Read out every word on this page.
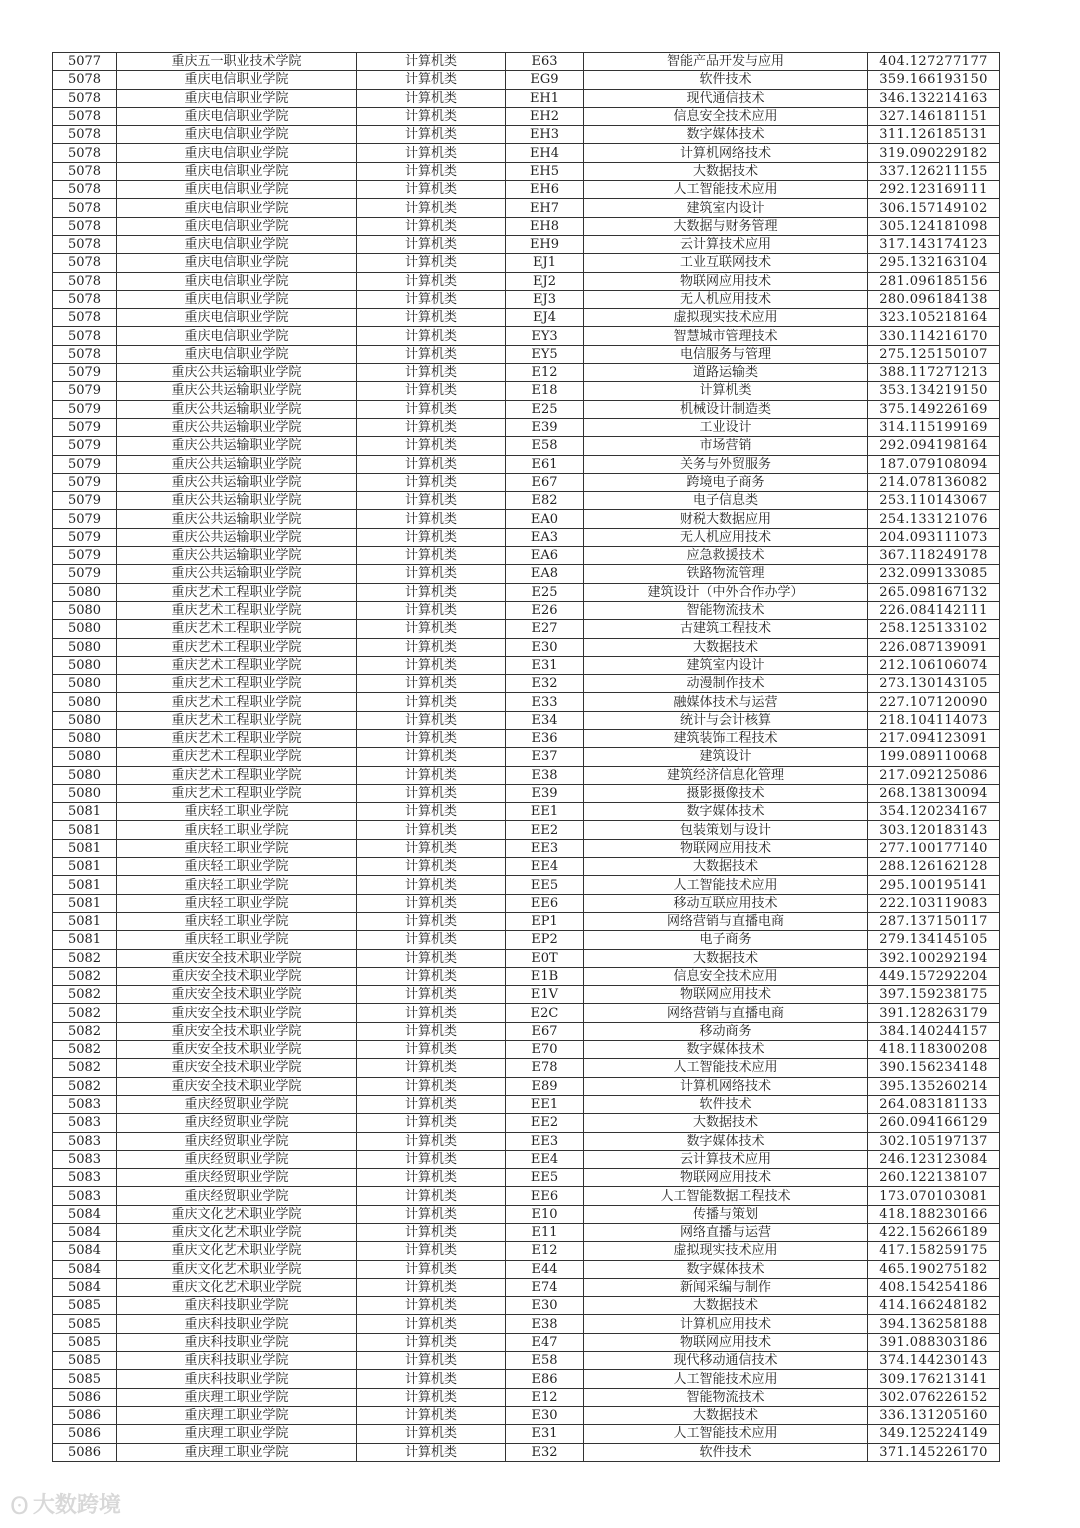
5077	重庆五一职业技术学院	计算机类	E63	智能产品开发与应用	404.127277177
5078	重庆电信职业学院	计算机类	EG9	软件技术	359.166193150
5078	重庆电信职业学院	计算机类	EH1	现代通信技术	346.132214163
5078	重庆电信职业学院	计算机类	EH2	信息安全技术应用	327.146181151
5078	重庆电信职业学院	计算机类	EH3	数字媒体技术	311.126185131
5078	重庆电信职业学院	计算机类	EH4	计算机网络技术	319.090229182
5078	重庆电信职业学院	计算机类	EH5	大数据技术	337.126211155
5078	重庆电信职业学院	计算机类	EH6	人工智能技术应用	292.123169111
5078	重庆电信职业学院	计算机类	EH7	建筑室内设计	306.157149102
5078	重庆电信职业学院	计算机类	EH8	大数据与财务管理	305.124181098
5078	重庆电信职业学院	计算机类	EH9	云计算技术应用	317.143174123
5078	重庆电信职业学院	计算机类	EJ1	工业互联网技术	295.132163104
5078	重庆电信职业学院	计算机类	EJ2	物联网应用技术	281.096185156
5078	重庆电信职业学院	计算机类	EJ3	无人机应用技术	280.096184138
5078	重庆电信职业学院	计算机类	EJ4	虚拟现实技术应用	323.105218164
5078	重庆电信职业学院	计算机类	EY3	智慧城市管理技术	330.114216170
5078	重庆电信职业学院	计算机类	EY5	电信服务与管理	275.125150107
5079	重庆公共运输职业学院	计算机类	E12	道路运输类	388.117271213
5079	重庆公共运输职业学院	计算机类	E18	计算机类	353.134219150
5079	重庆公共运输职业学院	计算机类	E25	机械设计制造类	375.149226169
5079	重庆公共运输职业学院	计算机类	E39	工业设计	314.115199169
5079	重庆公共运输职业学院	计算机类	E58	市场营销	292.094198164
5079	重庆公共运输职业学院	计算机类	E61	关务与外贸服务	187.079108094
5079	重庆公共运输职业学院	计算机类	E67	跨境电子商务	214.078136082
5079	重庆公共运输职业学院	计算机类	E82	电子信息类	253.110143067
5079	重庆公共运输职业学院	计算机类	EA0	财税大数据应用	254.133121076
5079	重庆公共运输职业学院	计算机类	EA3	无人机应用技术	204.093111073
5079	重庆公共运输职业学院	计算机类	EA6	应急救援技术	367.118249178
5079	重庆公共运输职业学院	计算机类	EA8	铁路物流管理	232.099133085
5080	重庆艺术工程职业学院	计算机类	E25	建筑设计（中外合作办学）	265.098167132
5080	重庆艺术工程职业学院	计算机类	E26	智能物流技术	226.084142111
5080	重庆艺术工程职业学院	计算机类	E27	古建筑工程技术	258.125133102
5080	重庆艺术工程职业学院	计算机类	E30	大数据技术	226.087139091
5080	重庆艺术工程职业学院	计算机类	E31	建筑室内设计	212.106106074
5080	重庆艺术工程职业学院	计算机类	E32	动漫制作技术	273.130143105
5080	重庆艺术工程职业学院	计算机类	E33	融媒体技术与运营	227.107120090
5080	重庆艺术工程职业学院	计算机类	E34	统计与会计核算	218.104114073
5080	重庆艺术工程职业学院	计算机类	E36	建筑装饰工程技术	217.094123091
5080	重庆艺术工程职业学院	计算机类	E37	建筑设计	199.089110068
5080	重庆艺术工程职业学院	计算机类	E38	建筑经济信息化管理	217.092125086
5080	重庆艺术工程职业学院	计算机类	E39	摄影摄像技术	268.138130094
5081	重庆轻工职业学院	计算机类	EE1	数字媒体技术	354.120234167
5081	重庆轻工职业学院	计算机类	EE2	包装策划与设计	303.120183143
5081	重庆轻工职业学院	计算机类	EE3	物联网应用技术	277.100177140
5081	重庆轻工职业学院	计算机类	EE4	大数据技术	288.126162128
5081	重庆轻工职业学院	计算机类	EE5	人工智能技术应用	295.100195141
5081	重庆轻工职业学院	计算机类	EE6	移动互联应用技术	222.103119083
5081	重庆轻工职业学院	计算机类	EP1	网络营销与直播电商	287.137150117
5081	重庆轻工职业学院	计算机类	EP2	电子商务	279.134145105
5082	重庆安全技术职业学院	计算机类	E0T	大数据技术	392.100292194
5082	重庆安全技术职业学院	计算机类	E1B	信息安全技术应用	449.157292204
5082	重庆安全技术职业学院	计算机类	E1V	物联网应用技术	397.159238175
5082	重庆安全技术职业学院	计算机类	E2C	网络营销与直播电商	391.128263179
5082	重庆安全技术职业学院	计算机类	E67	移动商务	384.140244157
5082	重庆安全技术职业学院	计算机类	E70	数字媒体技术	418.118300208
5082	重庆安全技术职业学院	计算机类	E78	人工智能技术应用	390.156234148
5082	重庆安全技术职业学院	计算机类	E89	计算机网络技术	395.135260214
5083	重庆经贸职业学院	计算机类	EE1	软件技术	264.083181133
5083	重庆经贸职业学院	计算机类	EE2	大数据技术	260.094166129
5083	重庆经贸职业学院	计算机类	EE3	数字媒体技术	302.105197137
5083	重庆经贸职业学院	计算机类	EE4	云计算技术应用	246.123123084
5083	重庆经贸职业学院	计算机类	EE5	物联网应用技术	260.122138107
5083	重庆经贸职业学院	计算机类	EE6	人工智能数据工程技术	173.070103081
5084	重庆文化艺术职业学院	计算机类	E10	传播与策划	418.188230166
5084	重庆文化艺术职业学院	计算机类	E11	网络直播与运营	422.156266189
5084	重庆文化艺术职业学院	计算机类	E12	虚拟现实技术应用	417.158259175
5084	重庆文化艺术职业学院	计算机类	E44	数字媒体技术	465.190275182
5084	重庆文化艺术职业学院	计算机类	E74	新闻采编与制作	408.154254186
5085	重庆科技职业学院	计算机类	E30	大数据技术	414.166248182
5085	重庆科技职业学院	计算机类	E38	计算机应用技术	394.136258188
5085	重庆科技职业学院	计算机类	E47	物联网应用技术	391.088303186
5085	重庆科技职业学院	计算机类	E58	现代移动通信技术	374.144230143
5085	重庆科技职业学院	计算机类	E86	人工智能技术应用	309.176213141
5086	重庆理工职业学院	计算机类	E12	智能物流技术	302.076226152
5086	重庆理工职业学院	计算机类	E30	大数据技术	336.131205160
5086	重庆理工职业学院	计算机类	E31	人工智能技术应用	349.125224149
5086	重庆理工职业学院	计算机类	E32	软件技术	371.145226170
ʘ 大数跨境
